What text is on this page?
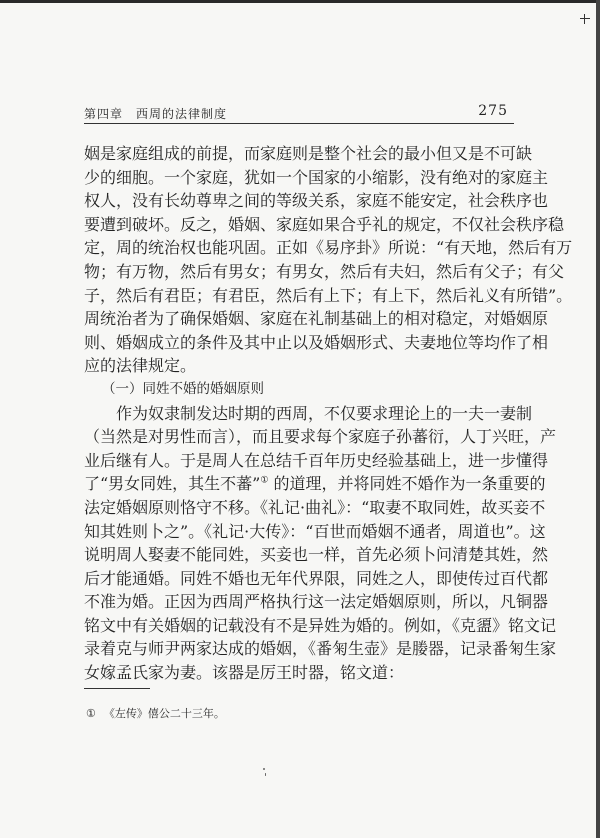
第四章 西周的法律制度	275
姻是家庭组成的前提，而家庭则是整个社会的最小但又是不可缺
少的细胞。一个家庭，犹如一个国家的小缩影，没有绝对的家庭主
权人，没有长幼尊卑之间的等级关系，家庭不能安定，社会秩序也
要遭到破坏。反之，婚姻、家庭如果合乎礼的规定，不仅社会秩序稳
定，周的统治权也能巩固。正如《易序卦》所说：“有天地，然后有万
物；有万物，然后有男女；有男女，然后有夫妇，然后有父子；有父
子，然后有君臣；有君臣，然后有上下；有上下，然后礼义有所错”。
周统治者为了确保婚姻、家庭在礼制基础上的相对稳定，对婚姻原
则、婚姻成立的条件及其中止以及婚姻形式、夫妻地位等均作了相
应的法律规定。
（一）同姓不婚的婚姻原则
作为奴隶制发达时期的西周，不仅要求理论上的一夫一妻制
（当然是对男性而言），而且要求每个家庭子孙蕃衍，人丁兴旺，产
业后继有人。于是周人在总结千百年历史经验基础上，进一步懂得
了“男女同姓，其生不蕃”① 的道理，并将同姓不婚作为一条重要的
法定婚姻原则恪守不移。《礼记·曲礼》：“取妻不取同姓，故买妾不
知其姓则卜之”。《礼记·大传》：“百世而婚姻不通者，周道也”。这
说明周人娶妻不能同姓，买妾也一样，首先必须卜问清楚其姓，然
后才能通婚。同姓不婚也无年代界限，同姓之人，即使传过百代都
不准为婚。正因为西周严格执行这一法定婚姻原则，所以，凡铜器
铭文中有关婚姻的记载没有不是异姓为婚的。例如，《克盨》铭文记
录着克与师尹两家达成的婚姻，《番匊生壶》是媵器，记录番匊生家
女嫁孟氏家为妻。该器是厉王时器，铭文道：
① 《左传》僖公二十三年。
